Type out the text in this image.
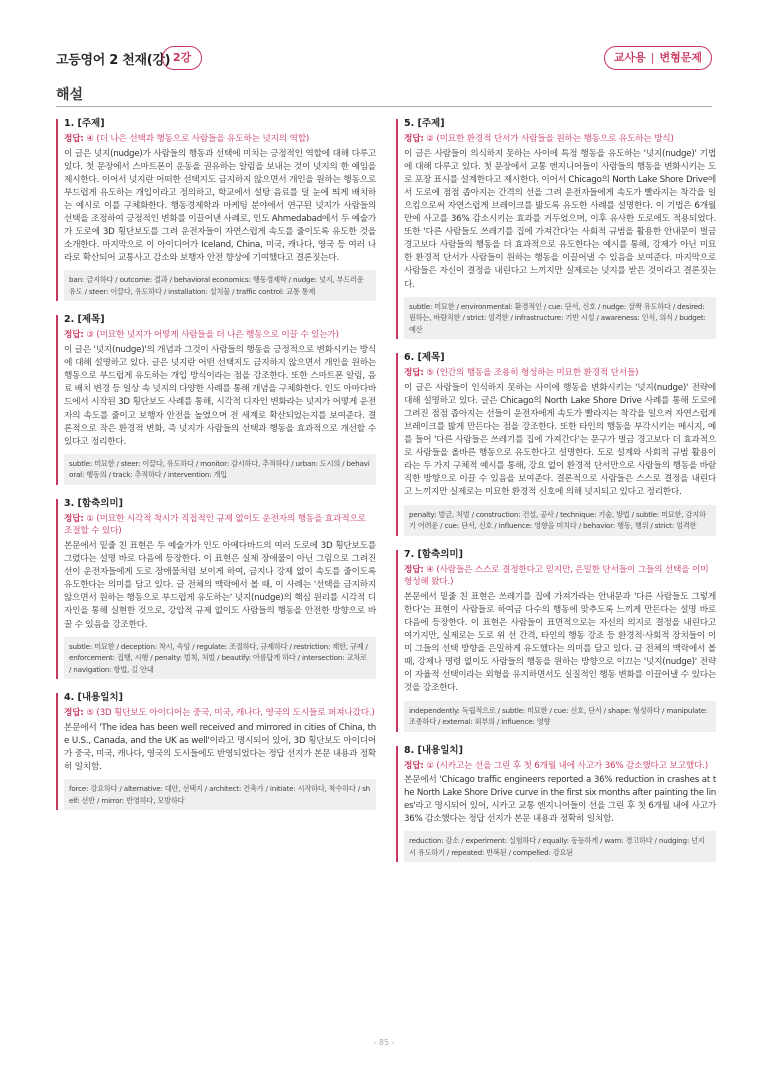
고등영어 2 천재(강) 2강	교사용 | 변형문제
해설
1. [주제]
정답: ④ (더 나은 선택과 행동으로 사람들을 유도하는 넛지의 역할)
이 글은 넛지(nudge)가 사람들의 행동과 선택에 미치는 긍정적인 역할에 대해 다루고 있다. 첫 문장에서 스마트폰이 운동을 권유하는 알림을 보내는 것이 넛지의 한 예임을 제시한다. 이어서 넛지란 어떠한 선택지도 금지하지 않으면서 개인을 원하는 행동으로 부드럽게 유도하는 개입이라고 정의하고, 학교에서 설탕 음료를 덜 눈에 띄게 배치하는 예시로 이를 구체화한다. 행동경제학과 마케팅 분야에서 연구된 넛지가 사람들의 선택을 조정하여 긍정적인 변화를 이끌어낸 사례로, 인도 Ahmedabad에서 두 예술가가 도로에 3D 횡단보도를 그려 운전자들이 자연스럽게 속도를 줄이도록 유도한 것을 소개한다. 마지막으로 이 아이디어가 Iceland, China, 미국, 캐나다, 영국 등 여러 나라로 확산되어 교통사고 감소와 보행자 안전 향상에 기여했다고 결론짓는다.
ban: 금지하다 / outcome: 결과 / behavioral economics: 행동경제학 / nudge: 넛지, 부드러운 유도 / steer: 이끌다, 유도하다 / installation: 설치물 / traffic control: 교통 통제
2. [제목]
정답: ③ (미묘한 넛지가 어떻게 사람들을 더 나은 행동으로 이끌 수 있는가)
이 글은 '넛지(nudge)'의 개념과 그것이 사람들의 행동을 긍정적으로 변화시키는 방식에 대해 설명하고 있다. 글은 넛지란 어떤 선택지도 금지하지 않으면서 개인을 원하는 행동으로 부드럽게 유도하는 개입 방식이라는 점을 강조한다. 또한 스마트폰 알림, 음료 배치 변경 등 일상 속 넛지의 다양한 사례를 통해 개념을 구체화한다. 인도 아마다바드에서 시작된 3D 횡단보도 사례를 통해, 시각적 디자인 변화라는 넛지가 어떻게 운전자의 속도를 줄이고 보행자 안전을 높였으며 전 세계로 확산되었는지를 보여준다. 결론적으로 작은 환경적 변화, 즉 넛지가 사람들의 선택과 행동을 효과적으로 개선할 수 있다고 정리한다.
subtle: 미묘한 / steer: 이끌다, 유도하다 / monitor: 감시하다, 추적하다 / urban: 도시의 / behavioral: 행동의 / track: 추적하다 / intervention: 개입
3. [함축의미]
정답: ① (미묘한 시각적 착시가 직접적인 규제 없이도 운전자의 행동을 효과적으로 조절할 수 있다)
본문에서 밑줄 친 표현은 두 예술가가 인도 아메다바드의 여러 도로에 3D 횡단보도를 그렸다는 설명 바로 다음에 등장한다. 이 표현은 실제 장애물이 아닌 그림으로 그려진 선이 운전자들에게 도로 장애물처럼 보이게 하여, 금지나 강제 없이 속도를 줄이도록 유도한다는 의미를 담고 있다. 글 전체의 맥락에서 볼 때, 이 사례는 '선택을 금지하지 않으면서 원하는 행동으로 부드럽게 유도하는' 넛지(nudge)의 핵심 원리를 시각적 디자인을 통해 실현한 것으로, 강압적 규제 없이도 사람들의 행동을 안전한 방향으로 바꿀 수 있음을 강조한다.
subtle: 미묘한 / deception: 착시, 속임 / regulate: 조절하다, 규제하다 / restriction: 제한, 규제 / enforcement: 집행, 시행 / penalty: 벌칙, 처벌 / beautify: 아름답게 하다 / intersection: 교차로 / navigation: 항법, 길 안내
4. [내용일치]
정답: ⑤ (3D 횡단보도 아이디어는 중국, 미국, 캐나다, 영국의 도시들로 퍼져나갔다.)
본문에서 'The idea has been well received and mirrored in cities of China, the U.S., Canada, and the UK as well'이라고 명시되어 있어, 3D 횡단보도 아이디어가 중국, 미국, 캐나다, 영국의 도시들에도 반영되었다는 정답 선지가 본문 내용과 정확히 일치함.
force: 강요하다 / alternative: 대안, 선택지 / architect: 건축가 / initiate: 시작하다, 착수하다 / shelf: 선반 / mirror: 반영하다, 모방하다
5. [주제]
정답: ② (미묘한 환경적 단서가 사람들을 원하는 행동으로 유도하는 방식)
이 글은 사람들이 의식하지 못하는 사이에 특정 행동을 유도하는 '넛지(nudge)' 기법에 대해 다루고 있다. 첫 문장에서 교통 엔지니어들이 사람들의 행동을 변화시키는 도로 포장 표시를 설계한다고 제시한다. 이어서 Chicago의 North Lake Shore Drive에서 도로에 점점 좁아지는 간격의 선을 그려 운전자들에게 속도가 빨라지는 착각을 일으킴으로써 자연스럽게 브레이크를 밟도록 유도한 사례를 설명한다. 이 기법은 6개월 만에 사고를 36% 감소시키는 효과를 거두었으며, 이후 유사한 도로에도 적용되었다. 또한 '다른 사람들도 쓰레기를 집에 가져간다'는 사회적 규범을 활용한 안내문이 벌금 경고보다 사람들의 행동을 더 효과적으로 유도한다는 예시를 통해, 강제가 아닌 미묘한 환경적 단서가 사람들이 원하는 행동을 이끌어낼 수 있음을 보여준다. 마지막으로 사람들은 자신이 결정을 내린다고 느끼지만 실제로는 넛지를 받은 것이라고 결론짓는다.
subtle: 미묘한 / environmental: 환경적인 / cue: 단서, 신호 / nudge: 살짝 유도하다 / desired: 원하는, 바람직한 / strict: 엄격한 / infrastructure: 기반 시설 / awareness: 인식, 의식 / budget: 예산
6. [제목]
정답: ⑤ (인간의 행동을 조용히 형성하는 미묘한 환경적 단서들)
이 글은 사람들이 인식하지 못하는 사이에 행동을 변화시키는 '넛지(nudge)' 전략에 대해 설명하고 있다. 글은 Chicago의 North Lake Shore Drive 사례를 통해 도로에 그려진 점점 좁아지는 선들이 운전자에게 속도가 빨라지는 착각을 일으켜 자연스럽게 브레이크를 밟게 만든다는 점을 강조한다. 또한 타인의 행동을 부각시키는 메시지, 예를 들어 '다른 사람들은 쓰레기를 집에 가져간다'는 문구가 벌금 경고보다 더 효과적으로 사람들을 올바른 행동으로 유도한다고 설명한다. 도로 설계와 사회적 규범 활용이라는 두 가지 구체적 예시를 통해, 강요 없이 환경적 단서만으로 사람들의 행동을 바람직한 방향으로 이끌 수 있음을 보여준다. 결론적으로 사람들은 스스로 결정을 내린다고 느끼지만 실제로는 미묘한 환경적 신호에 의해 넛지되고 있다고 정리한다.
penalty: 벌금, 처벌 / construction: 건설, 공사 / technique: 기술, 방법 / subtle: 미묘한, 감지하기 어려운 / cue: 단서, 신호 / influence: 영향을 미치다 / behavior: 행동, 행위 / strict: 엄격한
7. [함축의미]
정답: ④ (사람들은 스스로 결정한다고 믿지만, 은밀한 단서들이 그들의 선택을 이미 형성해 왔다.)
본문에서 밑줄 친 표현은 쓰레기를 집에 가져가라는 안내문과 '다른 사람들도 그렇게 한다'는 표현이 사람들로 하여금 다수의 행동에 맞추도록 느끼게 만든다는 설명 바로 다음에 등장한다. 이 표현은 사람들이 표면적으로는 자신의 의지로 결정을 내린다고 여기지만, 실제로는 도로 위 선 간격, 타인의 행동 강조 등 환경적·사회적 장치들이 이미 그들의 선택 방향을 은밀하게 유도했다는 의미를 담고 있다. 글 전체의 맥락에서 볼 때, 강제나 명령 없이도 사람들의 행동을 원하는 방향으로 이끄는 '넛지(nudge)' 전략이 자율적 선택이라는 외형을 유지하면서도 실질적인 행동 변화를 이끌어낼 수 있다는 것을 강조한다.
independently: 독립적으로 / subtle: 미묘한 / cue: 신호, 단서 / shape: 형성하다 / manipulate: 조종하다 / external: 외부의 / influence: 영향
8. [내용일치]
정답: ① (시카고는 선을 그린 후 첫 6개월 내에 사고가 36% 감소했다고 보고했다.)
본문에서 'Chicago traffic engineers reported a 36% reduction in crashes at the North Lake Shore Drive curve in the first six months after painting the lines'라고 명시되어 있어, 시카고 교통 엔지니어들이 선을 그린 후 첫 6개월 내에 사고가 36% 감소했다는 정답 선지가 본문 내용과 정확히 일치함.
reduction: 감소 / experiment: 실험하다 / equally: 동등하게 / warn: 경고하다 / nudging: 넌지시 유도하기 / repeated: 반복된 / compelled: 강요된
- 85 -
